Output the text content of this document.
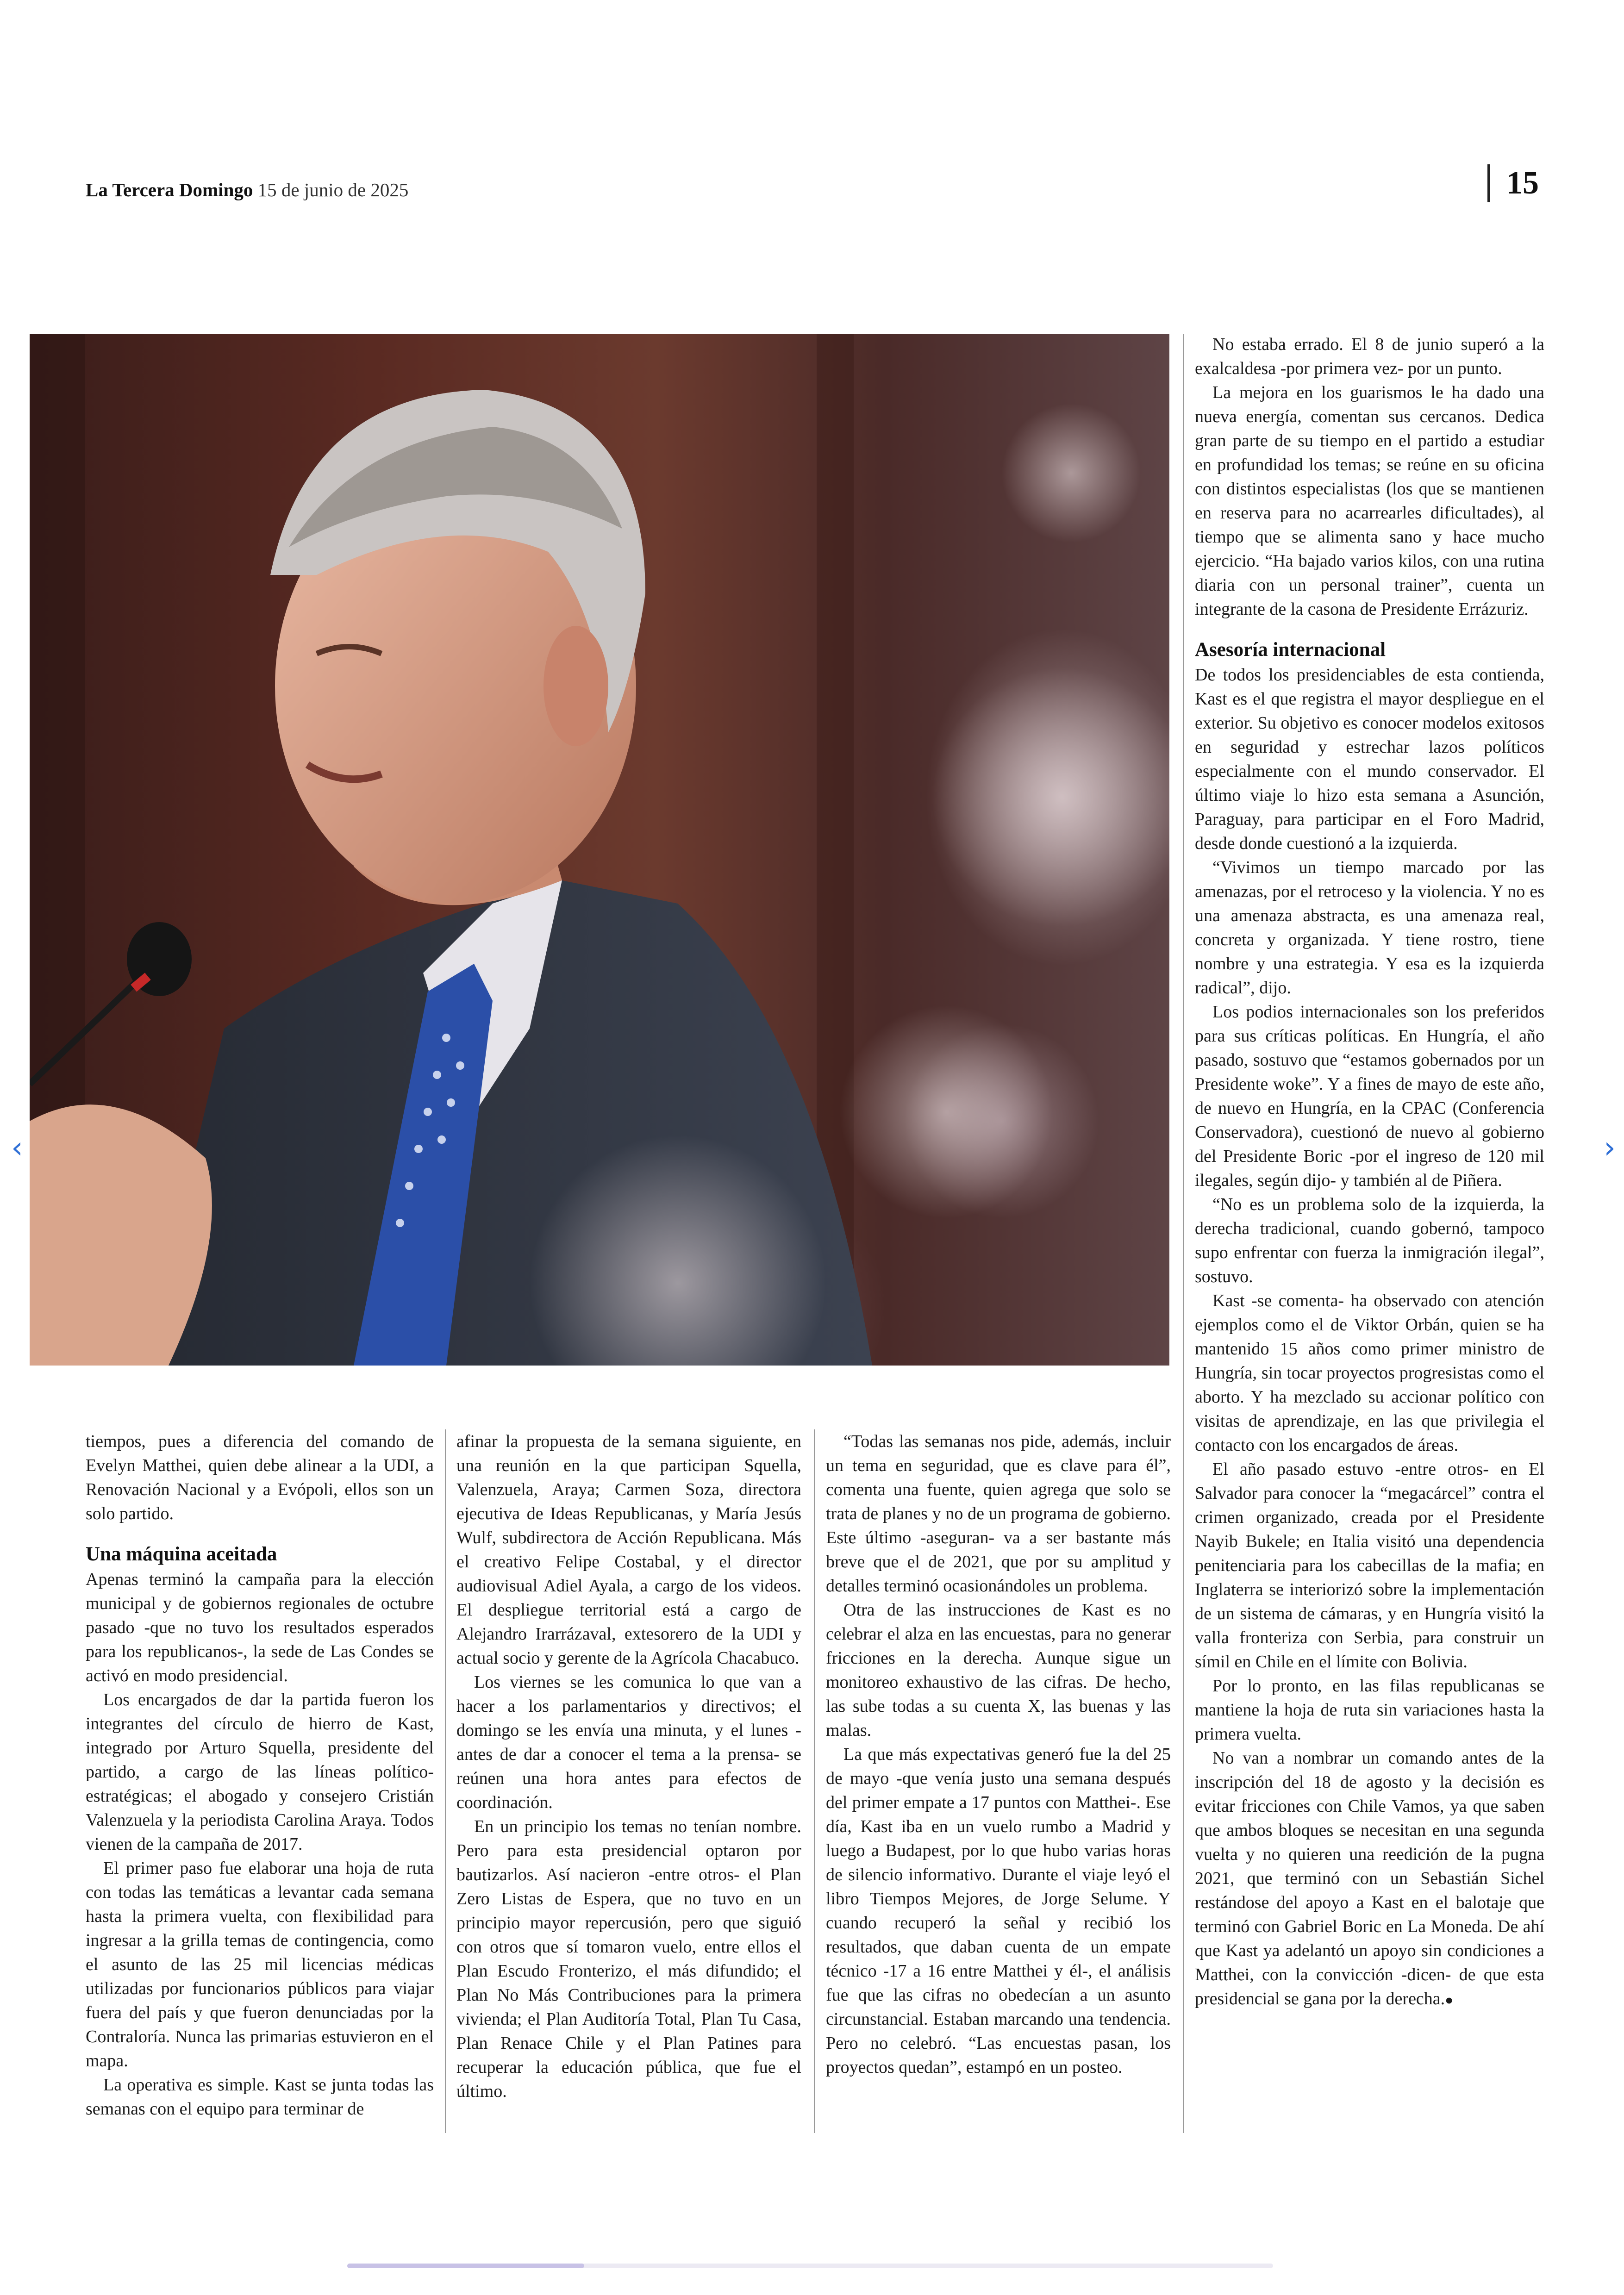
La Tercera Domingo 15 de junio de 2025	15

tiempos, pues a diferencia del comando de Evelyn Matthei, quien debe alinear a la UDI, a Renovación Nacional y a Evópoli, ellos son un solo partido.

Una máquina aceitada

Apenas terminó la campaña para la elección municipal y de gobiernos regionales de octubre pasado -que no tuvo los resultados esperados para los republicanos-, la sede de Las Condes se activó en modo presidencial.

Los encargados de dar la partida fueron los integrantes del círculo de hierro de Kast, integrado por Arturo Squella, presidente del partido, a cargo de las líneas político-estratégicas; el abogado y consejero Cristián Valenzuela y la periodista Carolina Araya. Todos vienen de la campaña de 2017.

El primer paso fue elaborar una hoja de ruta con todas las temáticas a levantar cada semana hasta la primera vuelta, con flexibilidad para ingresar a la grilla temas de contingencia, como el asunto de las 25 mil licencias médicas utilizadas por funcionarios públicos para viajar fuera del país y que fueron denunciadas por la Contraloría. Nunca las primarias estuvieron en el mapa.

La operativa es simple. Kast se junta todas las semanas con el equipo para terminar de

afinar la propuesta de la semana siguiente, en una reunión en la que participan Squella, Valenzuela, Araya; Carmen Soza, directora ejecutiva de Ideas Republicanas, y María Jesús Wulf, subdirectora de Acción Republicana. Más el creativo Felipe Costabal, y el director audiovisual Adiel Ayala, a cargo de los videos. El despliegue territorial está a cargo de Alejandro Irarrázaval, extesorero de la UDI y actual socio y gerente de la Agrícola Chacabuco.

Los viernes se les comunica lo que van a hacer a los parlamentarios y directivos; el domingo se les envía una minuta, y el lunes -antes de dar a conocer el tema a la prensa- se reúnen una hora antes para efectos de coordinación.

En un principio los temas no tenían nombre. Pero para esta presidencial optaron por bautizarlos. Así nacieron -entre otros- el Plan Zero Listas de Espera, que no tuvo en un principio mayor repercusión, pero que siguió con otros que sí tomaron vuelo, entre ellos el Plan Escudo Fronterizo, el más difundido; el Plan No Más Contribuciones para la primera vivienda; el Plan Auditoría Total, Plan Tu Casa, Plan Renace Chile y el Plan Patines para recuperar la educación pública, que fue el último.

“Todas las semanas nos pide, además, incluir un tema en seguridad, que es clave para él”, comenta una fuente, quien agrega que solo se trata de planes y no de un programa de gobierno. Este último -aseguran- va a ser bastante más breve que el de 2021, que por su amplitud y detalles terminó ocasionándoles un problema.

Otra de las instrucciones de Kast es no celebrar el alza en las encuestas, para no generar fricciones en la derecha. Aunque sigue un monitoreo exhaustivo de las cifras. De hecho, las sube todas a su cuenta X, las buenas y las malas.

La que más expectativas generó fue la del 25 de mayo -que venía justo una semana después del primer empate a 17 puntos con Matthei-. Ese día, Kast iba en un vuelo rumbo a Madrid y luego a Budapest, por lo que hubo varias horas de silencio informativo. Durante el viaje leyó el libro Tiempos Mejores, de Jorge Selume. Y cuando recuperó la señal y recibió los resultados, que daban cuenta de un empate técnico -17 a 16 entre Matthei y él-, el análisis fue que las cifras no obedecían a un asunto circunstancial. Estaban marcando una tendencia. Pero no celebró. “Las encuestas pasan, los proyectos quedan”, estampó en un posteo.

No estaba errado. El 8 de junio superó a la exalcaldesa -por primera vez- por un punto.

La mejora en los guarismos le ha dado una nueva energía, comentan sus cercanos. Dedica gran parte de su tiempo en el partido a estudiar en profundidad los temas; se reúne en su oficina con distintos especialistas (los que se mantienen en reserva para no acarrearles dificultades), al tiempo que se alimenta sano y hace mucho ejercicio. “Ha bajado varios kilos, con una rutina diaria con un personal trainer”, cuenta un integrante de la casona de Presidente Errázuriz.

Asesoría internacional

De todos los presidenciables de esta contienda, Kast es el que registra el mayor despliegue en el exterior. Su objetivo es conocer modelos exitosos en seguridad y estrechar lazos políticos especialmente con el mundo conservador. El último viaje lo hizo esta semana a Asunción, Paraguay, para participar en el Foro Madrid, desde donde cuestionó a la izquierda.

“Vivimos un tiempo marcado por las amenazas, por el retroceso y la violencia. Y no es una amenaza abstracta, es una amenaza real, concreta y organizada. Y tiene rostro, tiene nombre y una estrategia. Y esa es la izquierda radical”, dijo.

Los podios internacionales son los preferidos para sus críticas políticas. En Hungría, el año pasado, sostuvo que “estamos gobernados por un Presidente woke”. Y a fines de mayo de este año, de nuevo en Hungría, en la CPAC (Conferencia Conservadora), cuestionó de nuevo al gobierno del Presidente Boric -por el ingreso de 120 mil ilegales, según dijo- y también al de Piñera.

“No es un problema solo de la izquierda, la derecha tradicional, cuando gobernó, tampoco supo enfrentar con fuerza la inmigración ilegal”, sostuvo.

Kast -se comenta- ha observado con atención ejemplos como el de Viktor Orbán, quien se ha mantenido 15 años como primer ministro de Hungría, sin tocar proyectos progresistas como el aborto. Y ha mezclado su accionar político con visitas de aprendizaje, en las que privilegia el contacto con los encargados de áreas.

El año pasado estuvo -entre otros- en El Salvador para conocer la “megacárcel” contra el crimen organizado, creada por el Presidente Nayib Bukele; en Italia visitó una dependencia penitenciaria para los cabecillas de la mafia; en Inglaterra se interiorizó sobre la implementación de un sistema de cámaras, y en Hungría visitó la valla fronteriza con Serbia, para construir un símil en Chile en el límite con Bolivia.

Por lo pronto, en las filas republicanas se mantiene la hoja de ruta sin variaciones hasta la primera vuelta.

No van a nombrar un comando antes de la inscripción del 18 de agosto y la decisión es evitar fricciones con Chile Vamos, ya que saben que ambos bloques se necesitan en una segunda vuelta y no quieren una reedición de la pugna 2021, que terminó con un Sebastián Sichel restándose del apoyo a Kast en el balotaje que terminó con Gabriel Boric en La Moneda. De ahí que Kast ya adelantó un apoyo sin condiciones a Matthei, con la convicción -dicen- de que esta presidencial se gana por la derecha.●

‹	›
